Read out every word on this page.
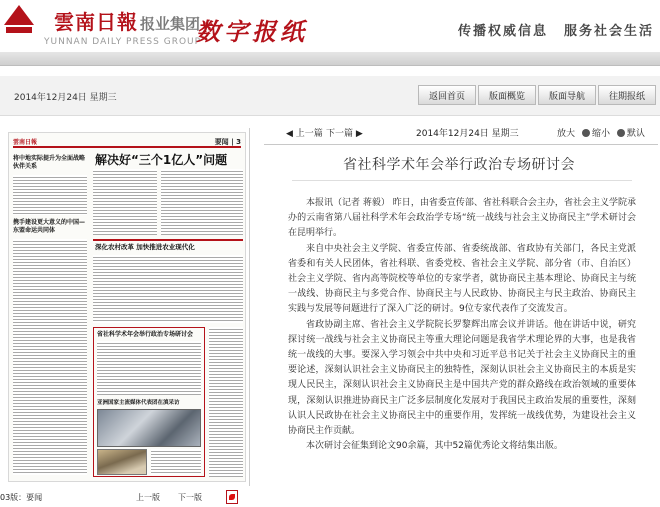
雲南日報 报业集团
YUNNAN DAILY PRESS GROUP
数字报纸	传播权威信息 服务社会生活
2014年12月24日 星期三	返回首页	版面概览	版面导航	往期报纸
雲南日報	要闻 | 3
解决好“三个1亿人”问题
将中地实际提升为全面战略伙伴关系
携手建设更大意义的中国—东盟命运共同体
深化农村改革 加快推进农业现代化
省社科学术年会举行政治专场研讨会
亚洲国家主流媒体代表团在滇采访
03版：要闻	上一版 下一版
◀ 上一篇 下一篇 ▶	2014年12月24日 星期三	放大 缩小 默认
省社科学术年会举行政治专场研讨会

本报讯（记者 蒋毅） 昨日，由省委宣传部、省社科联合会主办，省社会主义学院承办的云南省第八届社科学术年会政治学专场“统一战线与社会主义协商民主”学术研讨会在昆明举行。

来自中央社会主义学院、省委宣传部、省委统战部、省政协有关部门，各民主党派省委和有关人民团体，省社科联、省委党校、省社会主义学院、部分省（市、自治区）社会主义学院、省内高等院校等单位的专家学者，就协商民主基本理论、协商民主与统一战线、协商民主与多党合作、协商民主与人民政协、协商民主与民主政治、协商民主实践与发展等问题进行了深入广泛的研讨。9位专家代表作了交流发言。

省政协副主席、省社会主义学院院长罗黎辉出席会议并讲话。他在讲话中说，研究探讨统一战线与社会主义协商民主等重大理论问题是我省学术理论界的大事，也是我省统一战线的大事。要深入学习领会中共中央和习近平总书记关于社会主义协商民主的重要论述，深刻认识社会主义协商民主的独特性，深刻认识社会主义协商民主的本质是实现人民民主，深刻认识社会主义协商民主是中国共产党的群众路线在政治领域的重要体现，深刻认识推进协商民主广泛多层制度化发展对于我国民主政治发展的重要性，深刻认识人民政协在社会主义协商民主中的重要作用，发挥统一战线优势，为建设社会主义协商民主作贡献。

本次研讨会征集到论文90余篇，其中52篇优秀论文将结集出版。
